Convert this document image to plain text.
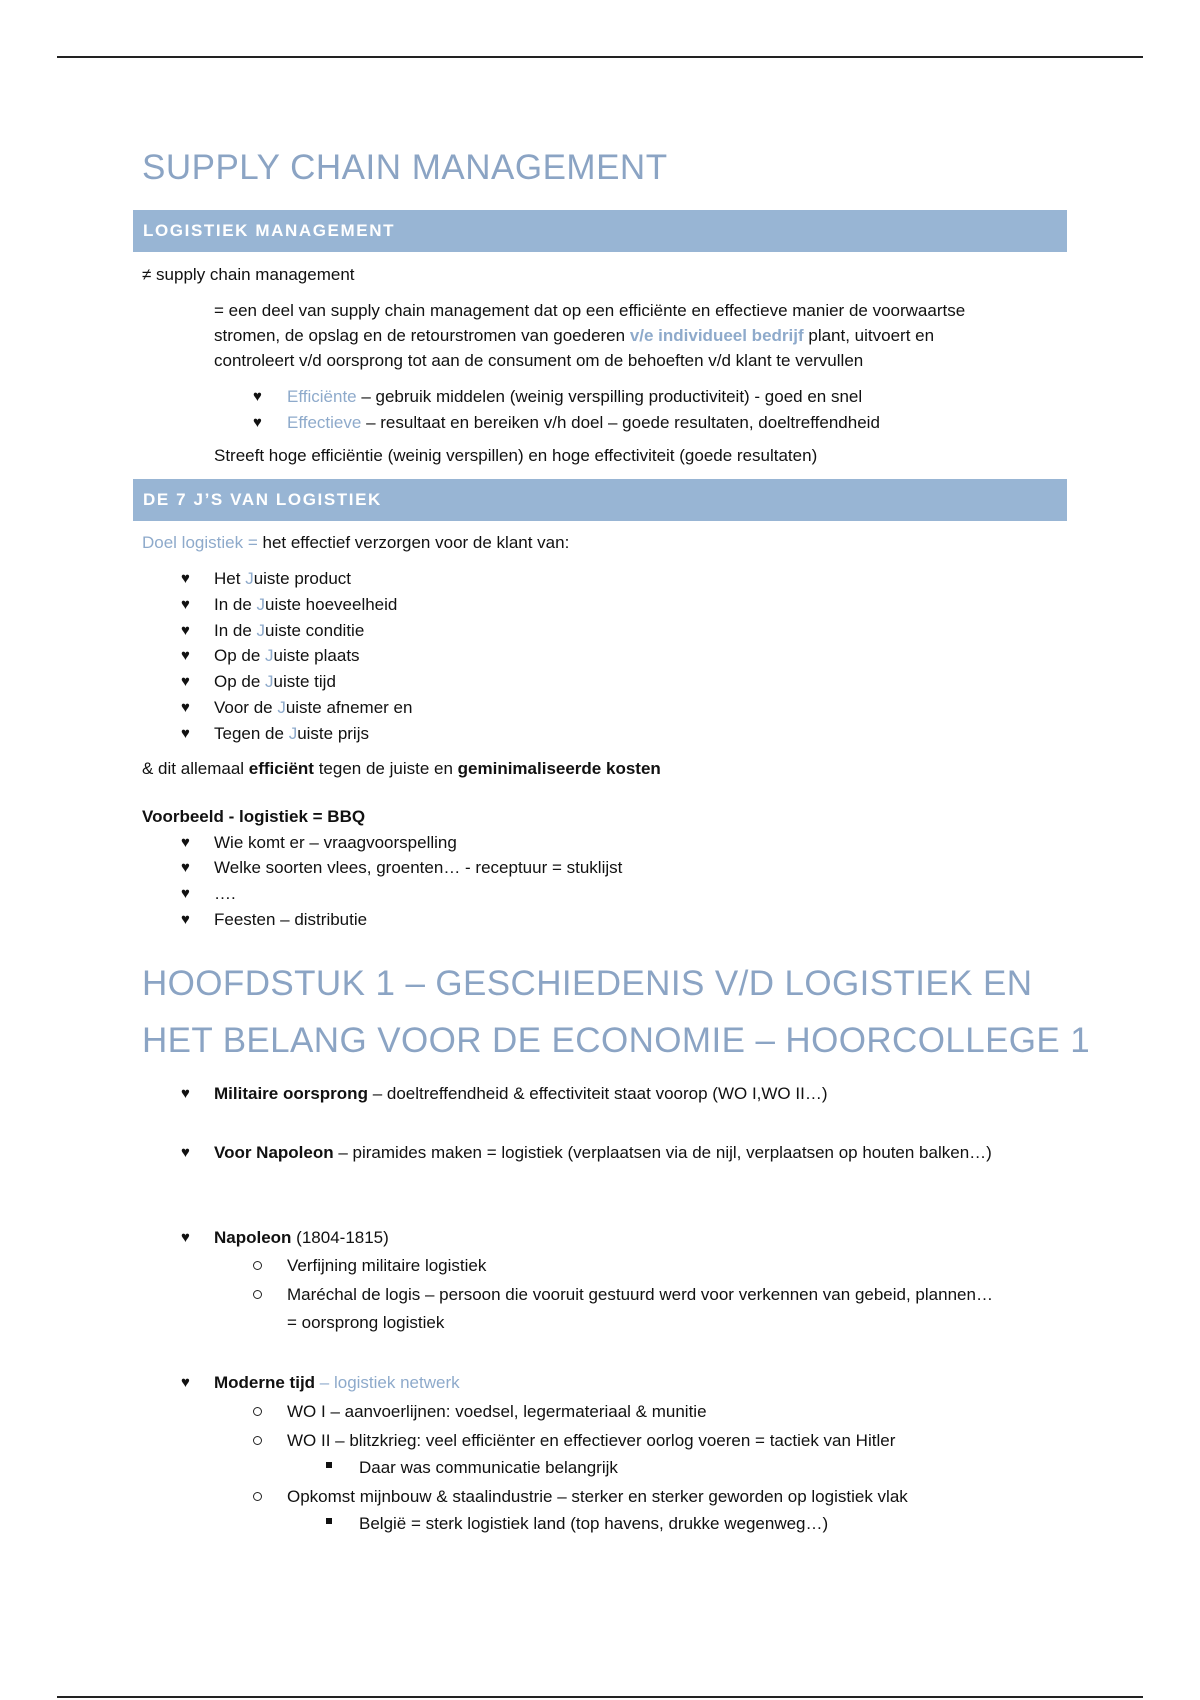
SUPPLY CHAIN MANAGEMENT
LOGISTIEK MANAGEMENT
≠ supply chain management
= een deel van supply chain management dat op een efficiënte en effectieve manier de voorwaartse
stromen, de opslag en de retourstromen van goederen v/e individueel bedrijf plant, uitvoert en
controleert v/d oorsprong tot aan de consument om de behoeften v/d klant te vervullen
♥ Efficiënte – gebruik middelen (weinig verspilling productiviteit) - goed en snel
♥ Effectieve – resultaat en bereiken v/h doel – goede resultaten, doeltreffendheid
Streeft hoge efficiëntie (weinig verspillen) en hoge effectiviteit (goede resultaten)
DE 7 J’S VAN LOGISTIEK
Doel logistiek = het effectief verzorgen voor de klant van:
♥ Het Juiste product
♥ In de Juiste hoeveelheid
♥ In de Juiste conditie
♥ Op de Juiste plaats
♥ Op de Juiste tijd
♥ Voor de Juiste afnemer en
♥ Tegen de Juiste prijs
& dit allemaal efficiënt tegen de juiste en geminimaliseerde kosten
Voorbeeld - logistiek = BBQ
♥ Wie komt er – vraagvoorspelling
♥ Welke soorten vlees, groenten… - receptuur = stuklijst
♥ ….
♥ Feesten – distributie
HOOFDSTUK 1 – GESCHIEDENIS V/D LOGISTIEK EN
HET BELANG VOOR DE ECONOMIE – HOORCOLLEGE 1
♥ Militaire oorsprong – doeltreffendheid & effectiviteit staat voorop (WO I,WO II…)
♥ Voor Napoleon – piramides maken = logistiek (verplaatsen via de nijl, verplaatsen op houten balken…)
♥ Napoleon (1804-1815)
Verfijning militaire logistiek
Maréchal de logis – persoon die vooruit gestuurd werd voor verkennen van gebeid, plannen…
= oorsprong logistiek
♥ Moderne tijd – logistiek netwerk
WO I – aanvoerlijnen: voedsel, legermateriaal & munitie
WO II – blitzkrieg: veel efficiënter en effectiever oorlog voeren = tactiek van Hitler
Daar was communicatie belangrijk
Opkomst mijnbouw & staalindustrie – sterker en sterker geworden op logistiek vlak
België = sterk logistiek land (top havens, drukke wegenweg…)
